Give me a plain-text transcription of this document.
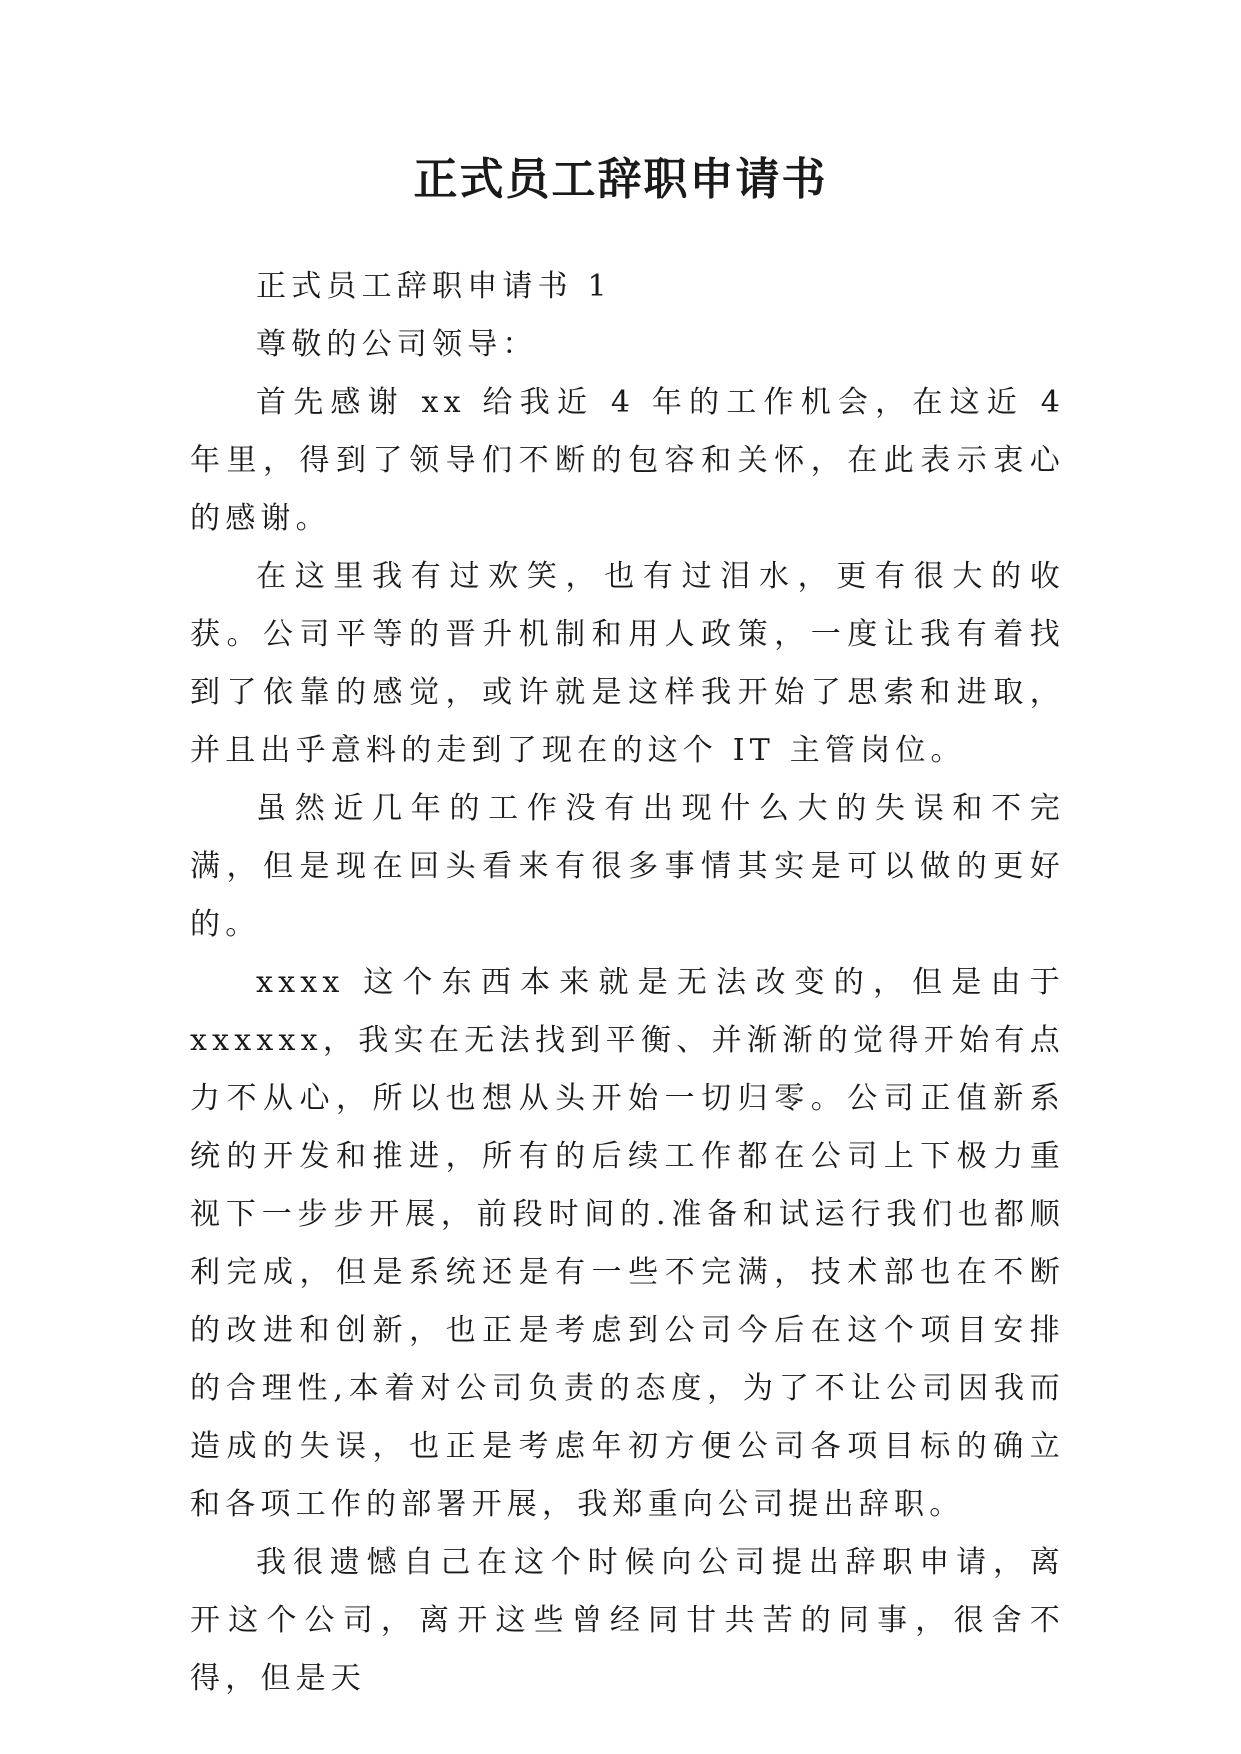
正式员工辞职申请书

正式员工辞职申请书 1

尊敬的公司领导：

首先感谢 xx 给我近 4 年的工作机会，在这近 4 年里，得到了领导们不断的包容和关怀，在此表示衷心的感谢。

在这里我有过欢笑，也有过泪水，更有很大的收获。公司平等的晋升机制和用人政策，一度让我有着找到了依靠的感觉，或许就是这样我开始了思索和进取，并且出乎意料的走到了现在的这个 IT 主管岗位。

虽然近几年的工作没有出现什么大的失误和不完满，但是现在回头看来有很多事情其实是可以做的更好的。

xxxx 这个东西本来就是无法改变的，但是由于 xxxxxx，我实在无法找到平衡、并渐渐的觉得开始有点力不从心，所以也想从头开始一切归零。公司正值新系统的开发和推进，所有的后续工作都在公司上下极力重视下一步步开展，前段时间的.准备和试运行我们也都顺利完成，但是系统还是有一些不完满，技术部也在不断的改进和创新，也正是考虑到公司今后在这个项目安排的合理性,本着对公司负责的态度，为了不让公司因我而造成的失误，也正是考虑年初方便公司各项目标的确立和各项工作的部署开展，我郑重向公司提出辞职。

我很遗憾自己在这个时候向公司提出辞职申请，离开这个公司，离开这些曾经同甘共苦的同事，很舍不得，但是天
